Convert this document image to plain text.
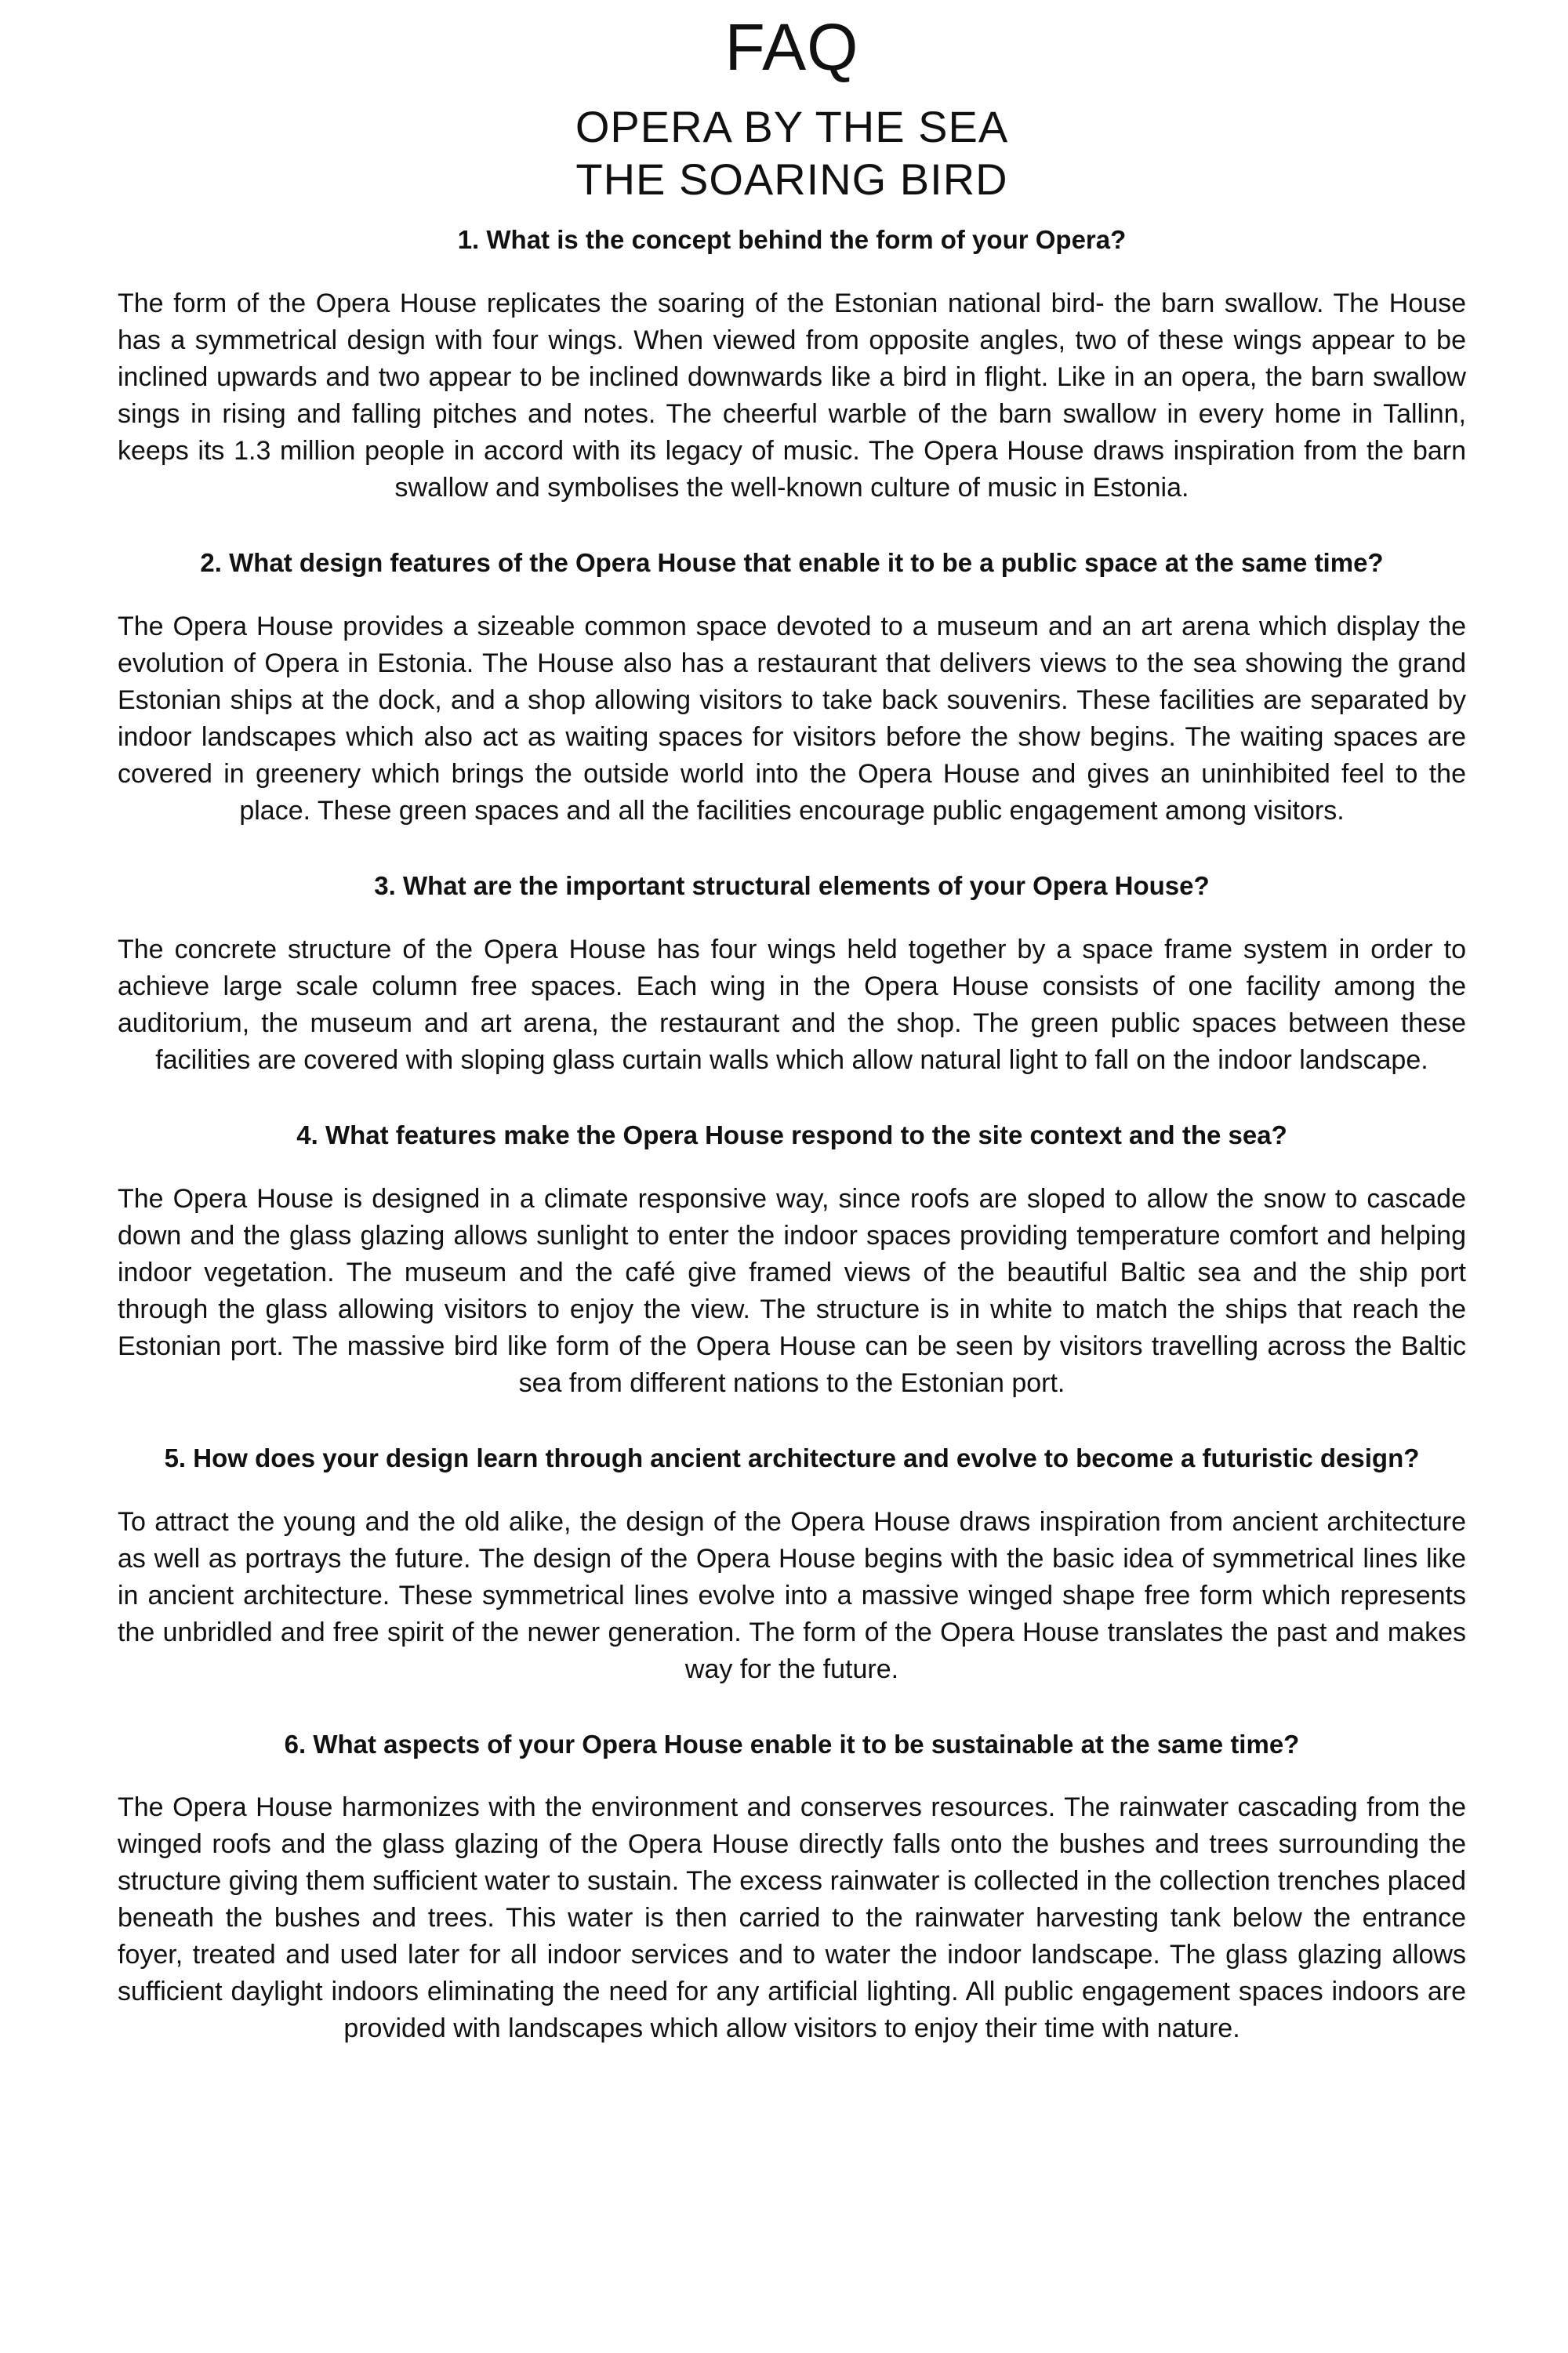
FAQ
OPERA BY THE SEA
THE SOARING BIRD

1. What is the concept behind the form of your Opera?

The form of the Opera House replicates the soaring of the Estonian national bird- the barn swallow. The House has a symmetrical design with four wings. When viewed from opposite angles, two of these wings appear to be inclined upwards and two appear to be inclined downwards like a bird in flight. Like in an opera, the barn swallow sings in rising and falling pitches and notes. The cheerful warble of the barn swallow in every home in Tallinn, keeps its 1.3 million people in accord with its legacy of music. The Opera House draws inspiration from the barn swallow and symbolises the well-known culture of music in Estonia.

2. What design features of the Opera House that enable it to be a public space at the same time?

The Opera House provides a sizeable common space devoted to a museum and an art arena which display the evolution of Opera in Estonia. The House also has a restaurant that delivers views to the sea showing the grand Estonian ships at the dock, and a shop allowing visitors to take back souvenirs. These facilities are separated by indoor landscapes which also act as waiting spaces for visitors before the show begins. The waiting spaces are covered in greenery which brings the outside world into the Opera House and gives an uninhibited feel to the place. These green spaces and all the facilities encourage public engagement among visitors.

3. What are the important structural elements of your Opera House?

The concrete structure of the Opera House has four wings held together by a space frame system in order to achieve large scale column free spaces. Each wing in the Opera House consists of one facility among the auditorium, the museum and art arena, the restaurant and the shop. The green public spaces between these facilities are covered with sloping glass curtain walls which allow natural light to fall on the indoor landscape.

4. What features make the Opera House respond to the site context and the sea?

The Opera House is designed in a climate responsive way, since roofs are sloped to allow the snow to cascade down and the glass glazing allows sunlight to enter the indoor spaces providing temperature comfort and helping indoor vegetation. The museum and the café give framed views of the beautiful Baltic sea and the ship port through the glass allowing visitors to enjoy the view. The structure is in white to match the ships that reach the Estonian port. The massive bird like form of the Opera House can be seen by visitors travelling across the Baltic sea from different nations to the Estonian port.

5. How does your design learn through ancient architecture and evolve to become a futuristic design?

To attract the young and the old alike, the design of the Opera House draws inspiration from ancient architecture as well as portrays the future. The design of the Opera House begins with the basic idea of symmetrical lines like in ancient architecture. These symmetrical lines evolve into a massive winged shape free form which represents the unbridled and free spirit of the newer generation. The form of the Opera House translates the past and makes way for the future.

6. What aspects of your Opera House enable it to be sustainable at the same time?

The Opera House harmonizes with the environment and conserves resources. The rainwater cascading from the winged roofs and the glass glazing of the Opera House directly falls onto the bushes and trees surrounding the structure giving them sufficient water to sustain. The excess rainwater is collected in the collection trenches placed beneath the bushes and trees. This water is then carried to the rainwater harvesting tank below the entrance foyer, treated and used later for all indoor services and to water the indoor landscape. The glass glazing allows sufficient daylight indoors eliminating the need for any artificial lighting. All public engagement spaces indoors are provided with landscapes which allow visitors to enjoy their time with nature.
